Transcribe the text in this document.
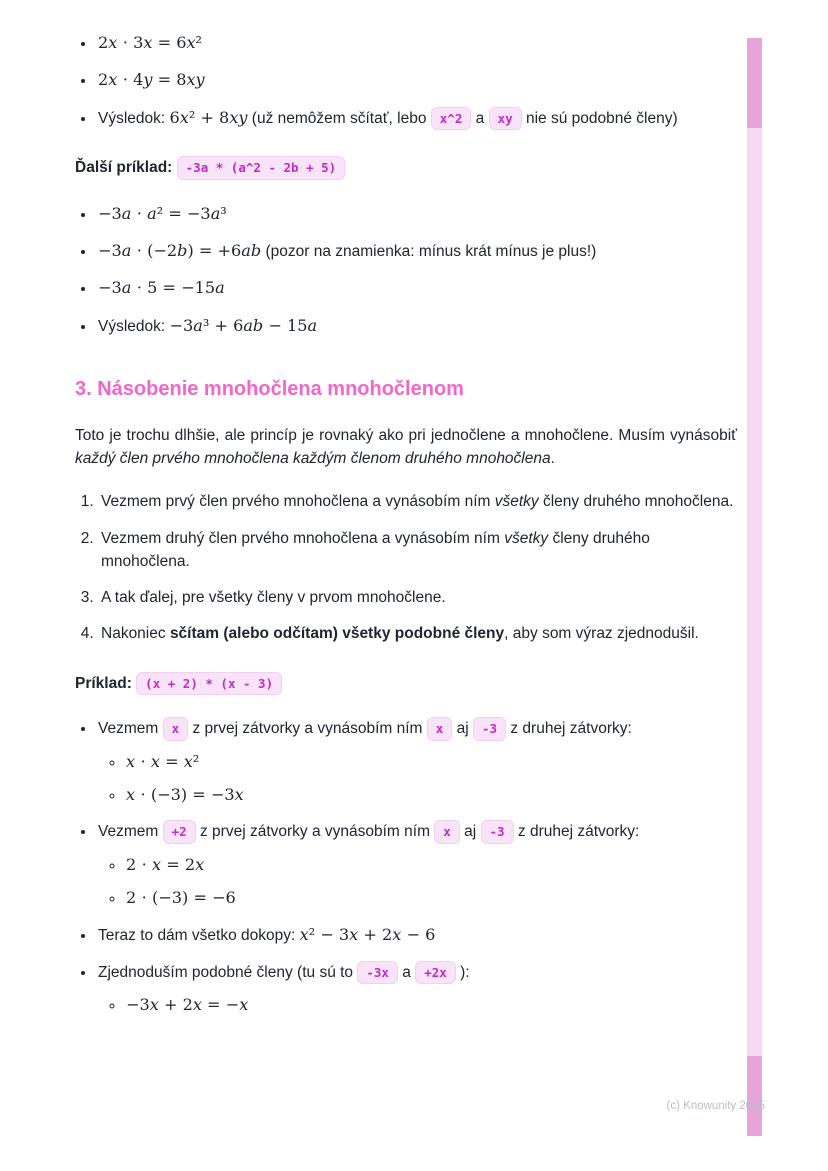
• 2x ⋅ 3x = 6x²
• 2x ⋅ 4y = 8xy
• Výsledok: 6x² + 8xy (už nemôžem sčítať, lebo x^2 a xy nie sú podobné členy)

Ďalší príklad: -3a * (a^2 - 2b + 5)

• −3a ⋅ a² = −3a³
• −3a ⋅ (−2b) = +6ab (pozor na znamienka: mínus krát mínus je plus!)
• −3a ⋅ 5 = −15a
• Výsledok: −3a³ + 6ab − 15a
3. Násobenie mnohočlena mnohočlenom

Toto je trochu dlhšie, ale princíp je rovnaký ako pri jednočlene a mnohočlene. Musím vynásobiť každý člen prvého mnohočlena každým členom druhého mnohočlena.

1. Vezmem prvý člen prvého mnohočlena a vynásobím ním všetky členy druhého mnohočlena.
2. Vezmem druhý člen prvého mnohočlena a vynásobím ním všetky členy druhého mnohočlena.
3. A tak ďalej, pre všetky členy v prvom mnohočlene.
4. Nakoniec sčítam (alebo odčítam) všetky podobné členy, aby som výraz zjednodušil.

Príklad: (x + 2) * (x - 3)

• Vezmem x z prvej zátvorky a vynásobím ním x aj -3 z druhej zátvorky:
◦ x ⋅ x = x²
◦ x ⋅ (−3) = −3x
• Vezmem +2 z prvej zátvorky a vynásobím ním x aj -3 z druhej zátvorky:
◦ 2 ⋅ x = 2x
◦ 2 ⋅ (−3) = −6
• Teraz to dám všetko dokopy: x² − 3x + 2x − 6
• Zjednoduším podobné členy (tu sú to -3x a +2x ):
◦ −3x + 2x = −x
(c) Knowunity 2025
